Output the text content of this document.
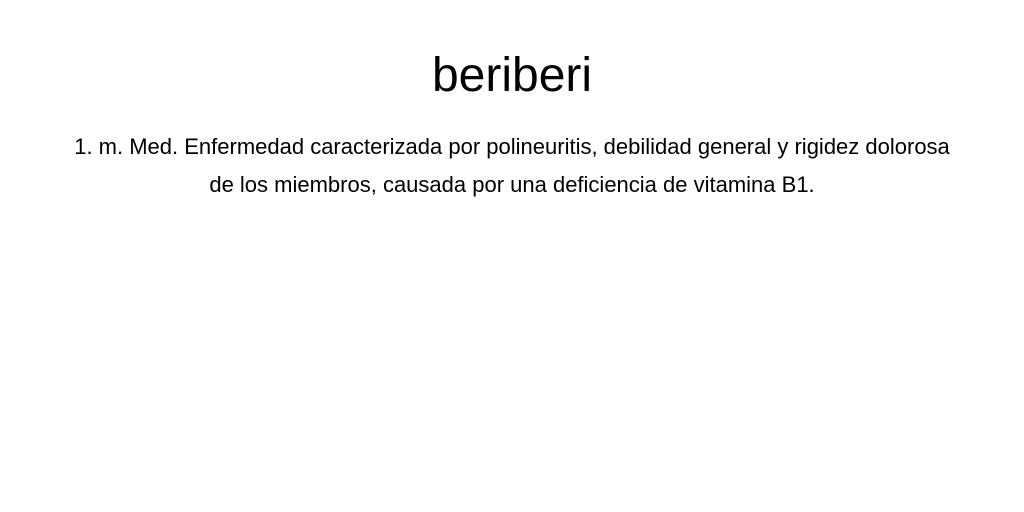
beriberi

1. m. Med. Enfermedad caracterizada por polineuritis, debilidad general y rigidez dolorosa de los miembros, causada por una deficiencia de vitamina B1.
